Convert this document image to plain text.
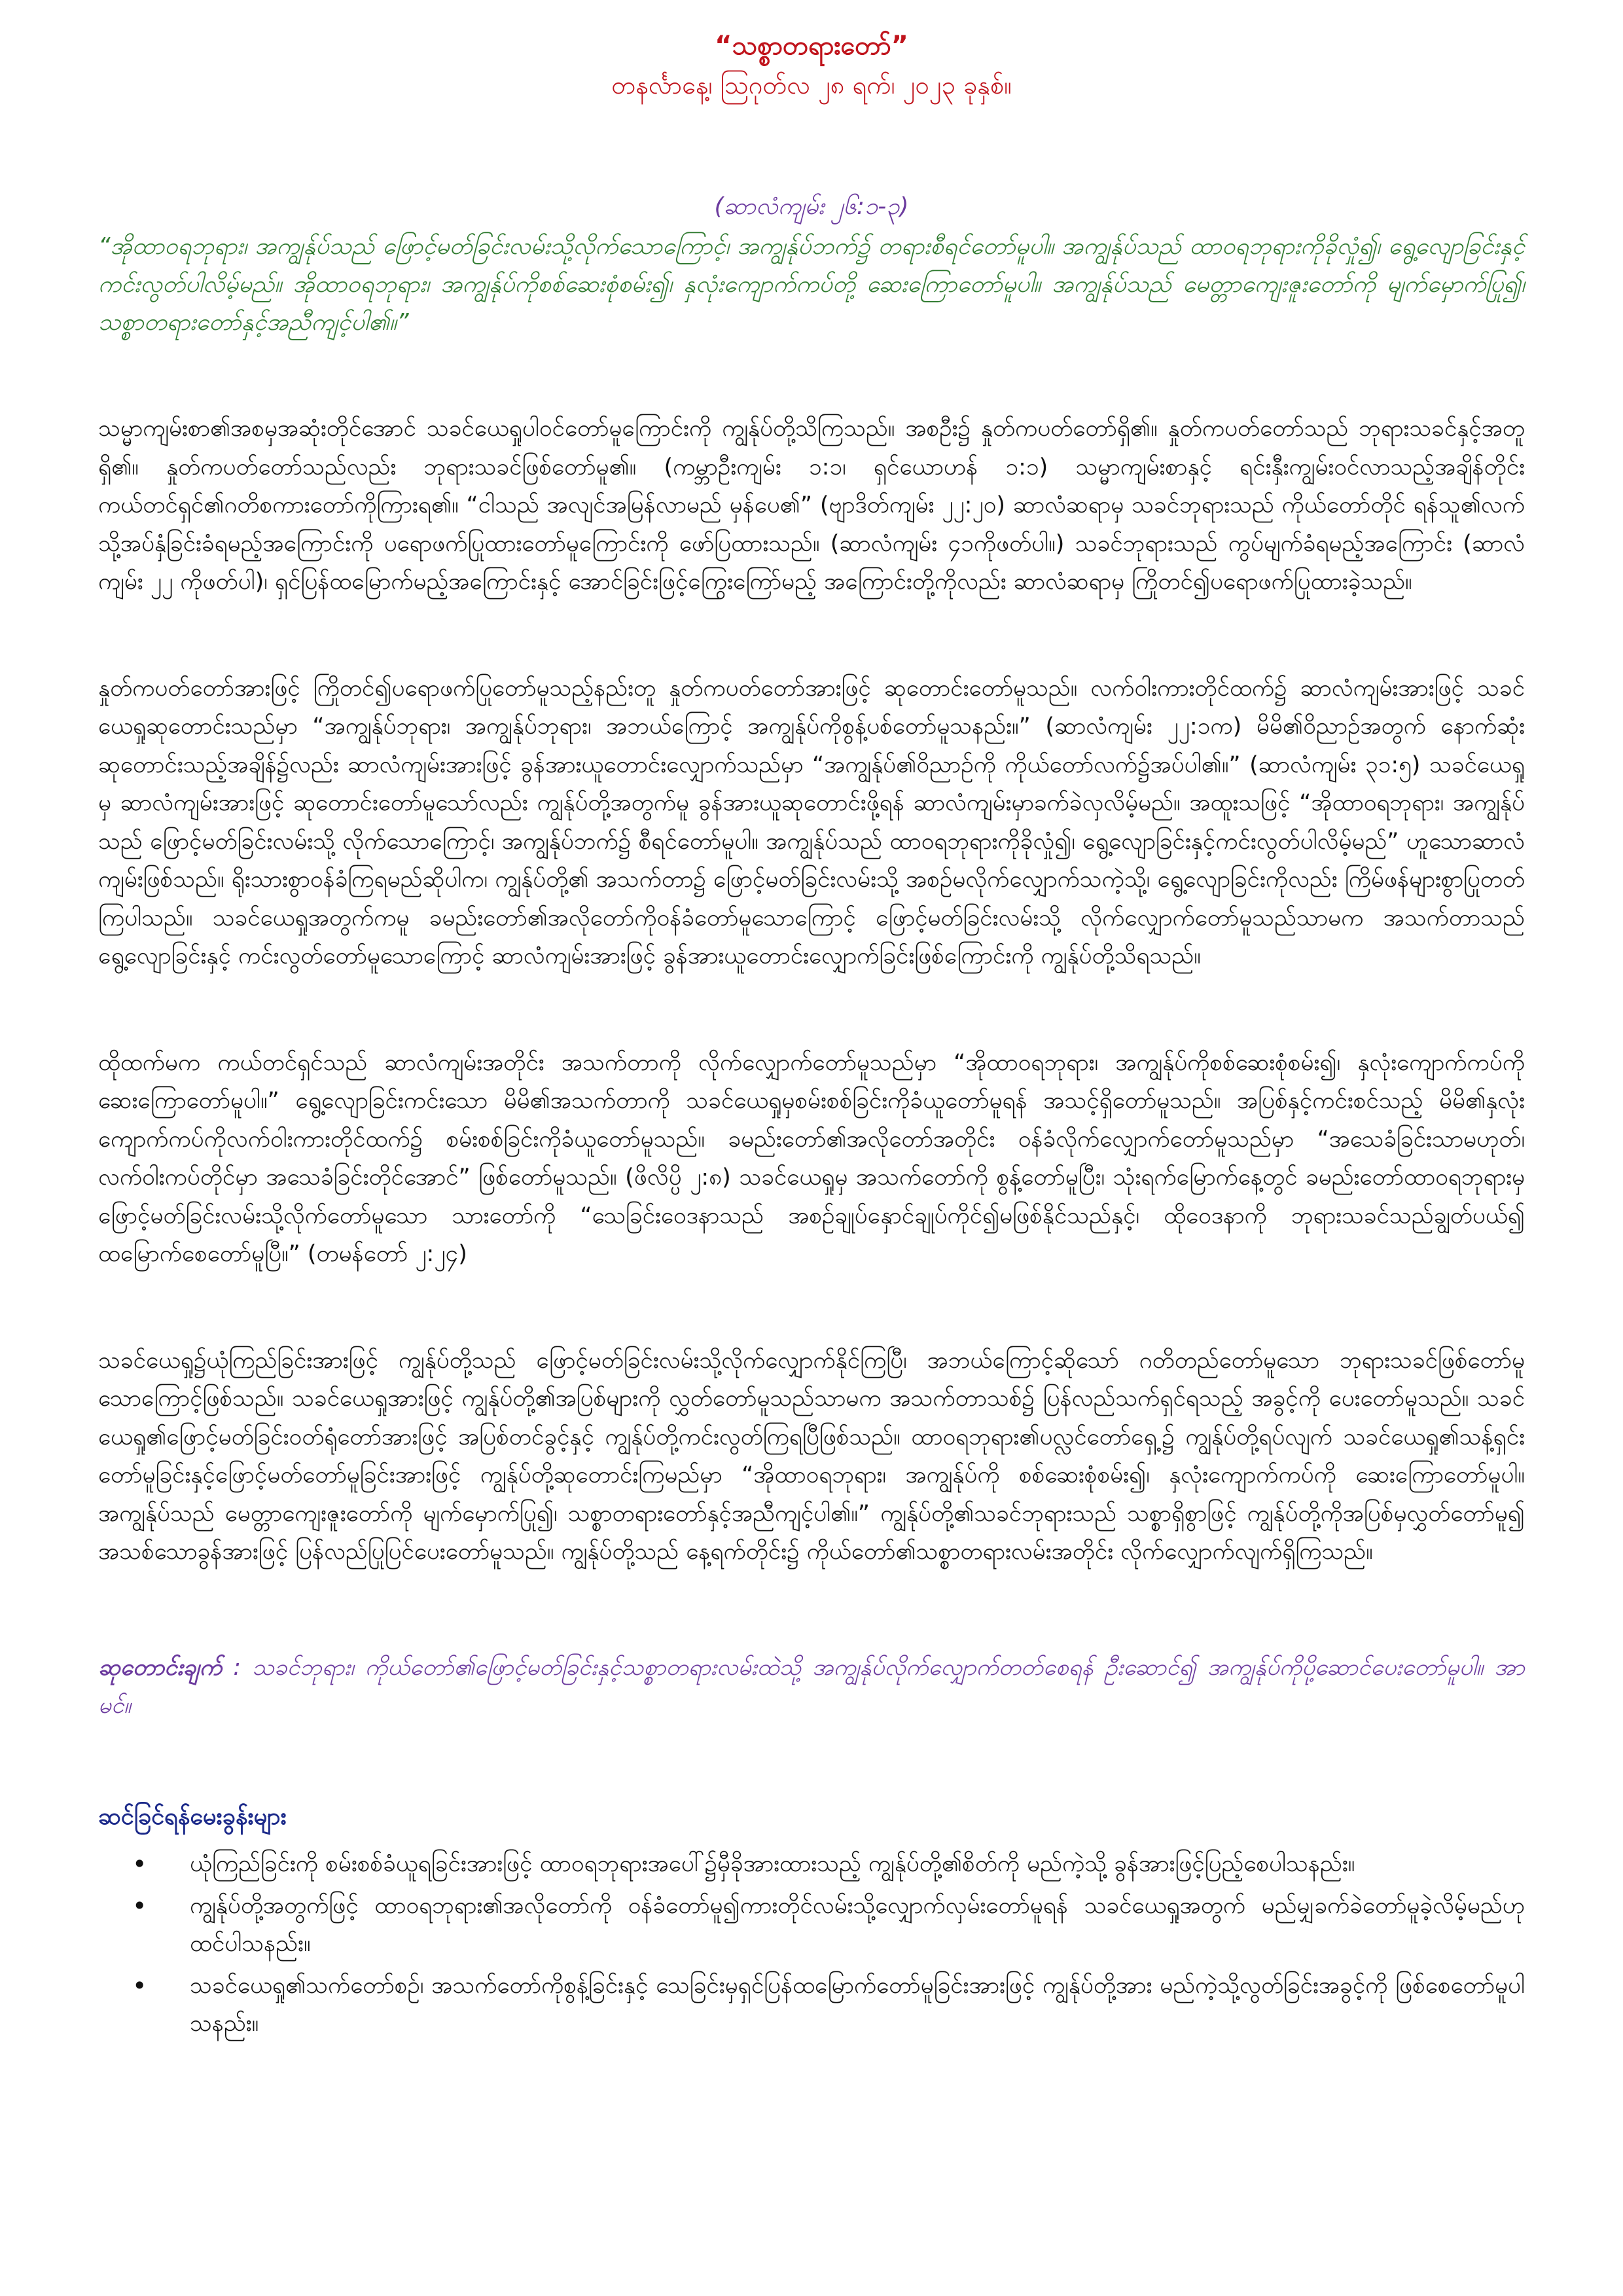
“သစ္စာတရားတော်”

တနင်္လာနေ့၊ ဩဂုတ်လ ၂၈ ရက်၊ ၂၀၂၃ ခုနှစ်။

(ဆာလံကျမ်း ၂၆:၁-၃)

“အိုထာဝရဘုရား၊ အကျွန်ုပ်သည် ဖြောင့်မတ်ခြင်းလမ်းသို့လိုက်သောကြောင့်၊ အကျွန်ုပ်ဘက်၌ တရားစီရင်တော်မူပါ။ အကျွန်ုပ်သည် ထာဝရဘုရားကိုခိုလှုံ၍၊ ရွေ့လျောခြင်းနှင့်ကင်းလွတ်ပါလိမ့်မည်။ အိုထာဝရဘုရား၊ အကျွန်ုပ်ကိုစစ်ဆေးစုံစမ်း၍၊ နှလုံးကျောက်ကပ်တို့ ဆေးကြောတော်မူပါ။ အကျွန်ုပ်သည် မေတ္တာကျေးဇူးတော်ကို မျက်မှောက်ပြု၍၊ သစ္စာတရားတော်နှင့်အညီကျင့်ပါ၏။”

သမ္မာကျမ်းစာ၏အစမှအဆုံးတိုင်အောင် သခင်ယေရှုပါဝင်တော်မူကြောင်းကို ကျွန်ုပ်တို့သိကြသည်။ အစဦး၌ နှုတ်ကပတ်တော်ရှိ၏။ နှုတ်ကပတ်တော်သည် ဘုရားသခင်နှင့်အတူရှိ၏။ နှုတ်ကပတ်တော်သည်လည်း ဘုရားသခင်ဖြစ်တော်မူ၏။ (ကမ္ဘာဦးကျမ်း ၁:၁၊ ရှင်ယောဟန် ၁:၁) သမ္မာကျမ်းစာနှင့် ရင်းနှီးကျွမ်းဝင်လာသည့်အချိန်တိုင်း ကယ်တင်ရှင်၏ဂတိစကားတော်ကိုကြားရ၏။ “ငါသည် အလျင်အမြန်လာမည် မှန်ပေ၏” (ဗျာဒိတ်ကျမ်း ၂၂:၂၀) ဆာလံဆရာမှ သခင်ဘုရားသည် ကိုယ်တော်တိုင် ရန်သူ၏လက်သို့အပ်နှံခြင်းခံရမည့်အကြောင်းကို ပရောဖက်ပြုထားတော်မူကြောင်းကို ဖော်ပြထားသည်။ (ဆာလံကျမ်း ၄၁ကိုဖတ်ပါ။) သခင်ဘုရားသည် ကွပ်မျက်ခံရမည့်အကြောင်း (ဆာလံကျမ်း ၂၂ ကိုဖတ်ပါ)၊ ရှင်ပြန်ထမြောက်မည့်အကြောင်းနှင့် အောင်ခြင်းဖြင့်ကြွေးကြော်မည့် အကြောင်းတို့ကိုလည်း ဆာလံဆရာမှ ကြိုတင်၍ပရောဖက်ပြုထားခဲ့သည်။

နှုတ်ကပတ်တော်အားဖြင့် ကြိုတင်၍ပရောဖက်ပြုတော်မူသည့်နည်းတူ နှုတ်ကပတ်တော်အားဖြင့် ဆုတောင်းတော်မူသည်။ လက်ဝါးကားတိုင်ထက်၌ ဆာလံကျမ်းအားဖြင့် သခင်ယေရှုဆုတောင်းသည်မှာ “အကျွန်ုပ်ဘုရား၊ အကျွန်ုပ်ဘုရား၊ အဘယ်ကြောင့် အကျွန်ုပ်ကိုစွန့်ပစ်တော်မူသနည်း။” (ဆာလံကျမ်း ၂၂:၁က) မိမိ၏ဝိညာဉ်အတွက် နောက်ဆုံးဆုတောင်းသည့်အချိန်၌လည်း ဆာလံကျမ်းအားဖြင့် ခွန်အားယူတောင်းလျှောက်သည်မှာ “အကျွန်ုပ်၏ဝိညာဉ်ကို ကိုယ်တော်လက်၌အပ်ပါ၏။” (ဆာလံကျမ်း ၃၁:၅) သခင်ယေရှုမှ ဆာလံကျမ်းအားဖြင့် ဆုတောင်းတော်မူသော်လည်း ကျွန်ုပ်တို့အတွက်မူ ခွန်အားယူဆုတောင်းဖို့ရန် ဆာလံကျမ်းမှာခက်ခဲလှလိမ့်မည်။ အထူးသဖြင့် “အိုထာဝရဘုရား၊ အကျွန်ုပ်သည် ဖြောင့်မတ်ခြင်းလမ်းသို့ လိုက်သောကြောင့်၊ အကျွန်ုပ်ဘက်၌ စီရင်တော်မူပါ။ အကျွန်ုပ်သည် ထာဝရဘုရားကိုခိုလှုံ၍၊ ရွေ့လျောခြင်းနှင့်ကင်းလွတ်ပါလိမ့်မည်” ဟူသောဆာလံကျမ်းဖြစ်သည်။ ရိုးသားစွာဝန်ခံကြရမည်ဆိုပါက၊ ကျွန်ုပ်တို့၏ အသက်တာ၌ ဖြောင့်မတ်ခြင်းလမ်းသို့ အစဉ်မလိုက်လျှောက်သကဲ့သို့၊ ရွေ့လျောခြင်းကိုလည်း ကြိမ်ဖန်များစွာပြုတတ်ကြပါသည်။ သခင်ယေရှုအတွက်ကမူ ခမည်းတော်၏အလိုတော်ကိုဝန်ခံတော်မူသောကြောင့် ဖြောင့်မတ်ခြင်းလမ်းသို့ လိုက်လျှောက်တော်မူသည်သာမက အသက်တာသည် ရွေ့လျောခြင်းနှင့် ကင်းလွတ်တော်မူသောကြောင့် ဆာလံကျမ်းအားဖြင့် ခွန်အားယူတောင်းလျှောက်ခြင်းဖြစ်ကြောင်းကို ကျွန်ုပ်တို့သိရသည်။

ထိုထက်မက ကယ်တင်ရှင်သည် ဆာလံကျမ်းအတိုင်း အသက်တာကို လိုက်လျှောက်တော်မူသည်မှာ “အိုထာဝရဘုရား၊ အကျွန်ုပ်ကိုစစ်ဆေးစုံစမ်း၍၊ နှလုံးကျောက်ကပ်ကို ဆေးကြောတော်မူပါ။” ရွေ့လျောခြင်းကင်းသော မိမိ၏အသက်တာကို သခင်ယေရှုမှစမ်းစစ်ခြင်းကိုခံယူတော်မူရန် အသင့်ရှိတော်မူသည်။ အပြစ်နှင့်ကင်းစင်သည့် မိမိ၏နှလုံးကျောက်ကပ်ကိုလက်ဝါးကားတိုင်ထက်၌ စမ်းစစ်ခြင်းကိုခံယူတော်မူသည်။ ခမည်းတော်၏အလိုတော်အတိုင်း ဝန်ခံလိုက်လျှောက်တော်မူသည်မှာ “အသေခံခြင်းသာမဟုတ်၊ လက်ဝါးကပ်တိုင်မှာ အသေခံခြင်းတိုင်အောင်” ဖြစ်တော်မူသည်။ (ဖိလိပ္ပိ ၂:၈) သခင်ယေရှုမှ အသက်တော်ကို စွန့်တော်မူပြီး၊ သုံးရက်မြောက်နေ့တွင် ခမည်းတော်ထာဝရဘုရားမှ ဖြောင့်မတ်ခြင်းလမ်းသို့လိုက်တော်မူသော သားတော်ကို “သေခြင်းဝေဒနာသည် အစဉ်ချုပ်နှောင်ချုပ်ကိုင်၍မဖြစ်နိုင်သည်နှင့်၊ ထိုဝေဒနာကို ဘုရားသခင်သည်ချွတ်ပယ်၍ ထမြောက်စေတော်မူပြီ။” (တမန်တော် ၂:၂၄)

သခင်ယေရှု၌ယုံကြည်ခြင်းအားဖြင့် ကျွန်ုပ်တို့သည် ဖြောင့်မတ်ခြင်းလမ်းသို့လိုက်လျှောက်နိုင်ကြပြီ၊ အဘယ်ကြောင့်ဆိုသော် ဂတိတည်တော်မူသော ဘုရားသခင်ဖြစ်တော်မူသောကြောင့်ဖြစ်သည်။ သခင်ယေရှုအားဖြင့် ကျွန်ုပ်တို့၏အပြစ်များကို လွှတ်တော်မူသည်သာမက အသက်တာသစ်၌ ပြန်လည်သက်ရှင်ရသည့် အခွင့်ကို ပေးတော်မူသည်။ သခင်ယေရှု၏ဖြောင့်မတ်ခြင်းဝတ်ရုံတော်အားဖြင့် အပြစ်တင်ခွင့်နှင့် ကျွန်ုပ်တို့ကင်းလွတ်ကြရပြီဖြစ်သည်။ ထာဝရဘုရား၏ပလ္လင်တော်ရှေ့၌ ကျွန်ုပ်တို့ရပ်လျက် သခင်ယေရှု၏သန့်ရှင်းတော်မူခြင်းနှင့်ဖြောင့်မတ်တော်မူခြင်းအားဖြင့် ကျွန်ုပ်တို့ဆုတောင်းကြမည်မှာ “အိုထာဝရဘုရား၊ အကျွန်ုပ်ကို စစ်ဆေးစုံစမ်း၍၊ နှလုံးကျောက်ကပ်ကို ဆေးကြောတော်မူပါ။ အကျွန်ုပ်သည် မေတ္တာကျေးဇူးတော်ကို မျက်မှောက်ပြု၍၊ သစ္စာတရားတော်နှင့်အညီကျင့်ပါ၏။” ကျွန်ုပ်တို့၏သခင်ဘုရားသည် သစ္စာရှိစွာဖြင့် ကျွန်ုပ်တို့ကိုအပြစ်မှလွှတ်တော်မူ၍ အသစ်သောခွန်အားဖြင့် ပြန်လည်ပြုပြင်ပေးတော်မူသည်။ ကျွန်ုပ်တို့သည် နေ့ရက်တိုင်း၌ ကိုယ်တော်၏သစ္စာတရားလမ်းအတိုင်း လိုက်လျှောက်လျက်ရှိကြသည်။

ဆုတောင်းချက် : သခင်ဘုရား၊ ကိုယ်တော်၏ဖြောင့်မတ်ခြင်းနှင့်သစ္စာတရားလမ်းထဲသို့ အကျွန်ုပ်လိုက်လျှောက်တတ်စေရန် ဦးဆောင်၍ အကျွန်ုပ်ကိုပို့ဆောင်ပေးတော်မူပါ။ အာမင်။

ဆင်ခြင်ရန်မေးခွန်းများ
• ယုံကြည်ခြင်းကို စမ်းစစ်ခံယူရခြင်းအားဖြင့် ထာဝရဘုရားအပေါ်၌မှီခိုအားထားသည့် ကျွန်ုပ်တို့၏စိတ်ကို မည်ကဲ့သို့ ခွန်အားဖြင့်ပြည့်စေပါသနည်း။
• ကျွန်ုပ်တို့အတွက်ဖြင့် ထာဝရဘုရား၏အလိုတော်ကို ဝန်ခံတော်မူ၍ကားတိုင်လမ်းသို့လျှောက်လှမ်းတော်မူရန် သခင်ယေရှုအတွက် မည်မျှခက်ခဲတော်မူခဲ့လိမ့်မည်ဟု ထင်ပါသနည်း။
• သခင်ယေရှု၏သက်တော်စဉ်၊ အသက်တော်ကိုစွန့်ခြင်းနှင့် သေခြင်းမှရှင်ပြန်ထမြောက်တော်မူခြင်းအားဖြင့် ကျွန်ုပ်တို့အား မည်ကဲ့သို့လွတ်ခြင်းအခွင့်ကို ဖြစ်စေတော်မူပါသနည်း။
